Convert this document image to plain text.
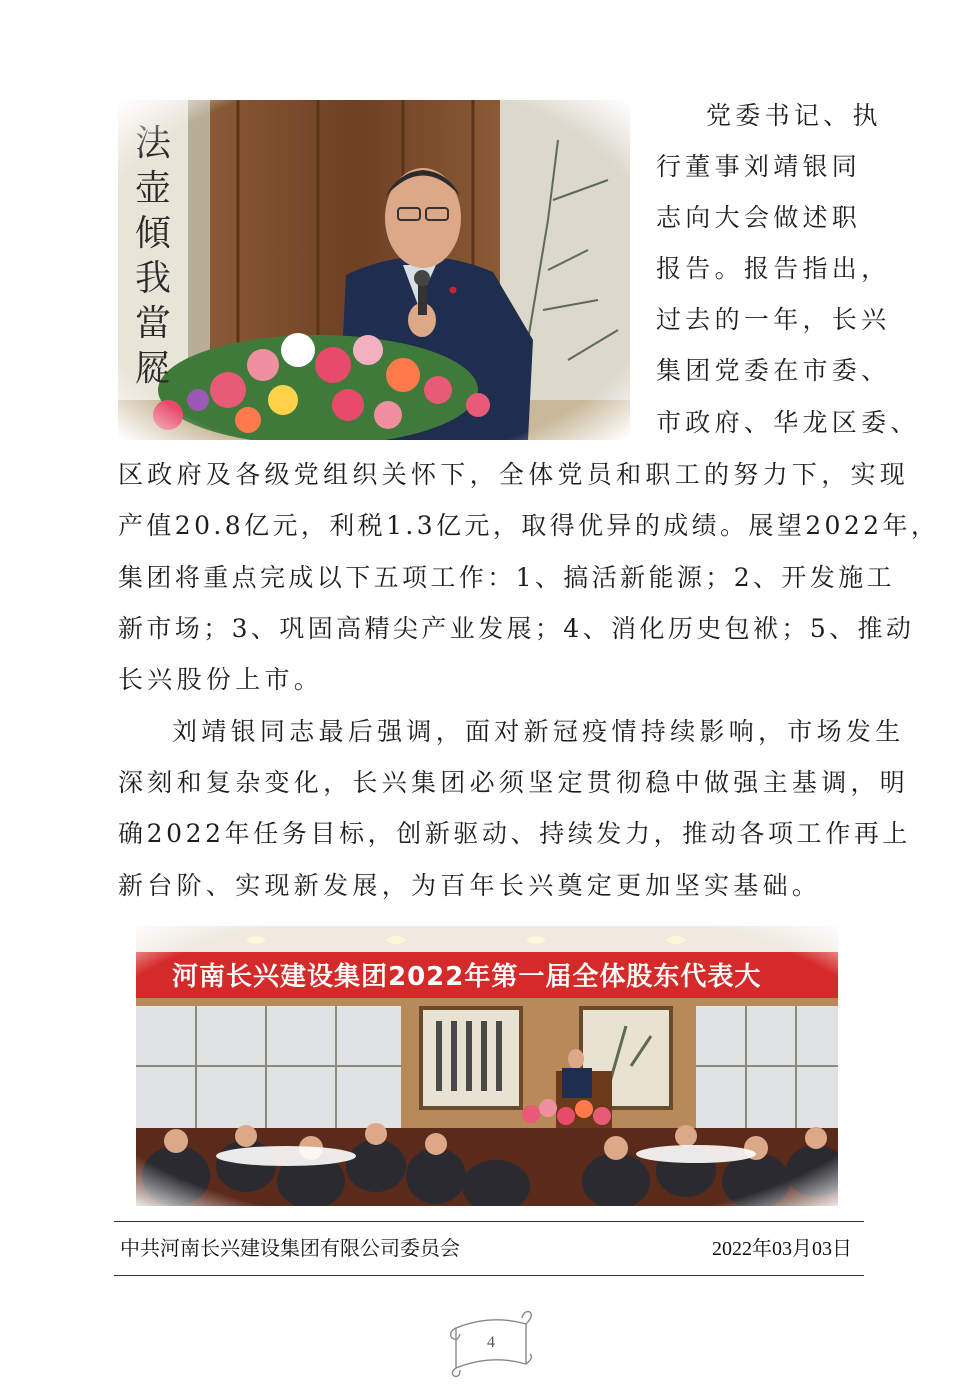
党委书记、执
行董事刘靖银同
志向大会做述职
报告。报告指出，
过去的一年，长兴
集团党委在市委、
市政府、华龙区委、
区政府及各级党组织关怀下，全体党员和职工的努力下，实现
产值20.8亿元，利税1.3亿元，取得优异的成绩。展望2022年，
集团将重点完成以下五项工作：1、搞活新能源；2、开发施工
新市场；3、巩固高精尖产业发展；4、消化历史包袱；5、推动
长兴股份上市。
刘靖银同志最后强调，面对新冠疫情持续影响，市场发生
深刻和复杂变化，长兴集团必须坚定贯彻稳中做强主基调，明
确2022年任务目标，创新驱动、持续发力，推动各项工作再上
新台阶、实现新发展，为百年长兴奠定更加坚实基础。
中共河南长兴建设集团有限公司委员会	2022年03月03日
4
